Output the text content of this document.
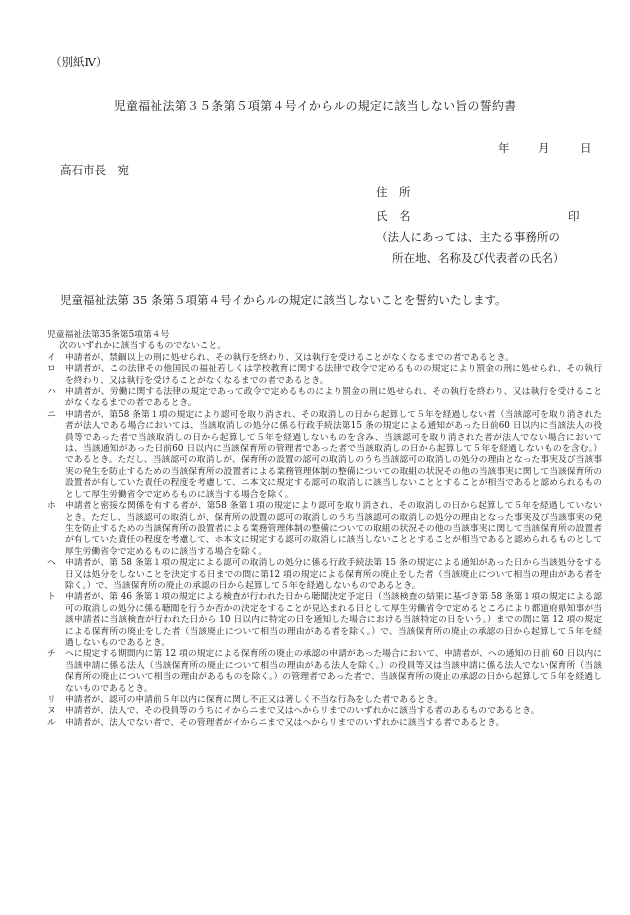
（別紙Ⅳ）
児童福祉法第３５条第５項第４号イからルの規定に該当しない旨の誓約書
年 月	日
高石市長　宛
住　所
氏　名	印
（法人にあっては、主たる事務所の
所在地、名称及び代表者の氏名）
児童福祉法第 35 条第５項第４号イからルの規定に該当しないことを誓約いたします。

児童福祉法第35条第5項第４号

次のいずれかに該当するものでないこと。

イ	申請者が、禁錮以上の刑に処せられ、その執行を終わり、又は執行を受けることがなくなるまでの者であるとき。
ロ	申請者が、この法律その他国民の福祉若しくは学校教育に関する法律で政令で定めるものの規定により罰金の刑に処せられ、その執行を終わり、又は執行を受けることがなくなるまでの者であるとき。
ハ	申請者が、労働に関する法律の規定であって政令で定めるものにより罰金の刑に処せられ、その執行を終わり、又は執行を受けることがなくなるまでの者であるとき。
ニ	申請者が、第58 条第１項の規定により認可を取り消され、その取消しの日から起算して５年を経過しない者（当該認可を取り消された者が法人である場合においては、当該取消しの処分に係る行政手続法第15 条の規定による通知があった日前60 日以内に当該法人の役員等であった者で当該取消しの日から起算して５年を経過しないものを含み、当該認可を取り消された者が法人でない場合においては、当該通知があった日前60 日以内に当該保育所の管理者であった者で当該取消しの日から起算して５年を経過しないものを含む。）であるとき。ただし、当該認可の取消しが、保育所の設置の認可の取消しのうち当該認可の取消しの処分の理由となった事実及び当該事実の発生を防止するための当該保育所の設置者による業務管理体制の整備についての取組の状況その他の当該事実に関して当該保育所の設置者が有していた責任の程度を考慮して、ニ本文に規定する認可の取消しに該当しないこととすることが相当であると認められるものとして厚生労働省令で定めるものに該当する場合を除く。
ホ	申請者と密接な関係を有する者が、第58 条第１項の規定により認可を取り消され、その取消しの日から起算して５年を経過していないとき。ただし、当該認可の取消しが、保育所の設置の認可の取消しのうち当該認可の取消しの処分の理由となった事実及び当該事実の発生を防止するための当該保育所の設置者による業務管理体制の整備についての取組の状況その他の当該事実に関して当該保育所の設置者が有していた責任の程度を考慮して、ホ本文に規定する認可の取消しに該当しないこととすることが相当であると認められるものとして厚生労働省令で定めるものに該当する場合を除く。
ヘ	申請者が、第 58 条第１項の規定による認可の取消しの処分に係る行政手続法第 15 条の規定による通知があった日から当該処分をする日又は処分をしないことを決定する日までの間に第12 項の規定による保育所の廃止をした者（当該廃止について相当の理由がある者を除く。）で、当該保育所の廃止の承認の日から起算して５年を経過しないものであるとき。
ト	申請者が、第 46 条第１項の規定による検査が行われた日から聴聞決定予定日（当該検査の結果に基づき第 58 条第１項の規定による認可の取消しの処分に係る聴聞を行うか否かの決定をすることが見込まれる日として厚生労働省令で定めるところにより都道府県知事が当該申請者に当該検査が行われた日から 10 日以内に特定の日を通知した場合における当該特定の日をいう。）までの間に第 12 項の規定による保育所の廃止をした者（当該廃止について相当の理由がある者を除く。）で、当該保育所の廃止の承認の日から起算して５年を経過しないものであるとき。
チ	ヘに規定する期間内に第 12 項の規定による保育所の廃止の承認の申請があった場合において、申請者が、ヘの通知の日前 60 日以内に当該申請に係る法人（当該保育所の廃止について相当の理由がある法人を除く。）の役員等又は当該申請に係る法人でない保育所（当該保育所の廃止について相当の理由があるものを除く。）の管理者であった者で、当該保育所の廃止の承認の日から起算して５年を経過しないものであるとき。
リ	申請者が、認可の申請前５年以内に保育に関し不正又は著しく不当な行為をした者であるとき。
ヌ	申請者が、法人で、その役員等のうちにイからニまで又はヘからリまでのいずれかに該当する者のあるものであるとき。
ル	申請者が、法人でない者で、その管理者がイからニまで又はヘからリまでのいずれかに該当する者であるとき。
